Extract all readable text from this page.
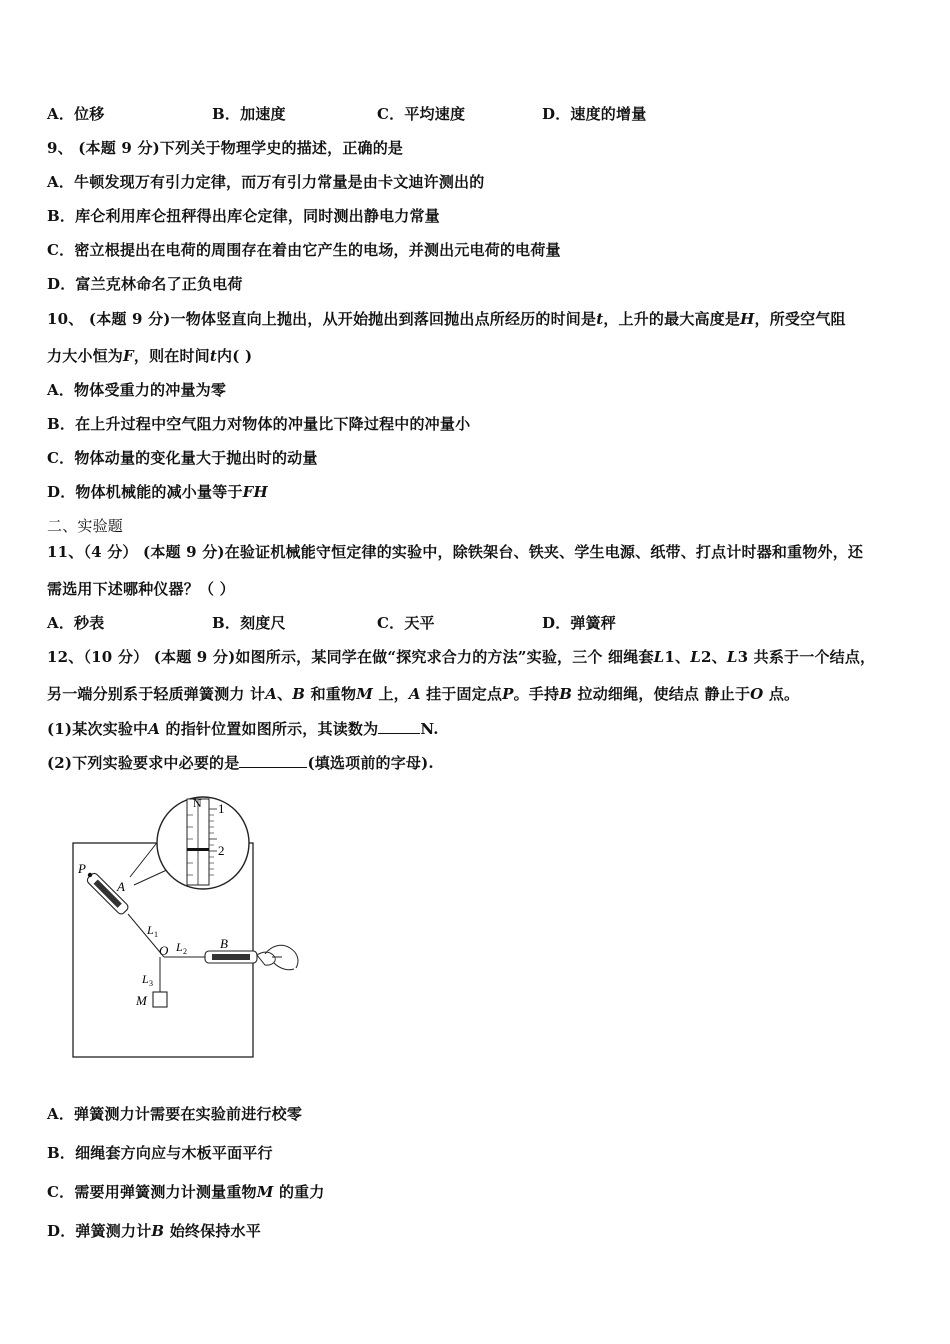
A．位移	B．加速度	C．平均速度	D．速度的增量
9、 (本题 9 分)下列关于物理学史的描述，正确的是
A．牛顿发现万有引力定律，而万有引力常量是由卡文迪许测出的
B．库仑利用库仑扭秤得出库仑定律，同时测出静电力常量
C．密立根提出在电荷的周围存在着由它产生的电场，并测出元电荷的电荷量
D．富兰克林命名了正负电荷
10、 (本题 9 分)一物体竖直向上抛出，从开始抛出到落回抛出点所经历的时间是t，上升的最大高度是H，所受空气阻
力大小恒为F，则在时间t内( )
A．物体受重力的冲量为零
B．在上升过程中空气阻力对物体的冲量比下降过程中的冲量小
C．物体动量的变化量大于抛出时的动量
D．物体机械能的减小量等于FH
二、实验题
11、（4 分） (本题 9 分)在验证机械能守恒定律的实验中，除铁架台、铁夹、学生电源、纸带、打点计时器和重物外，还
需选用下述哪种仪器？（ ）
A．秒表	B．刻度尺	C．天平	D．弹簧秤
12、（10 分） (本题 9 分)如图所示，某同学在做“探究求合力的方法”实验，三个 细绳套L1、L2、L3 共系于一个结点，
另一端分别系于轻质弹簧测力 计A、B 和重物M 上，A 挂于固定点P。手持B 拉动细绳，使结点 静止于O 点。
(1)某次实验中A 的指针位置如图所示，其读数为	N.
(2)下列实验要求中必要的是	(填选项前的字母).
N 1
2
P
A
L 1
O L 2
L 3
B
M
A．弹簧测力计需要在实验前进行校零
B．细绳套方向应与木板平面平行
C．需要用弹簧测力计测量重物M 的重力
D．弹簧测力计B 始终保持水平
